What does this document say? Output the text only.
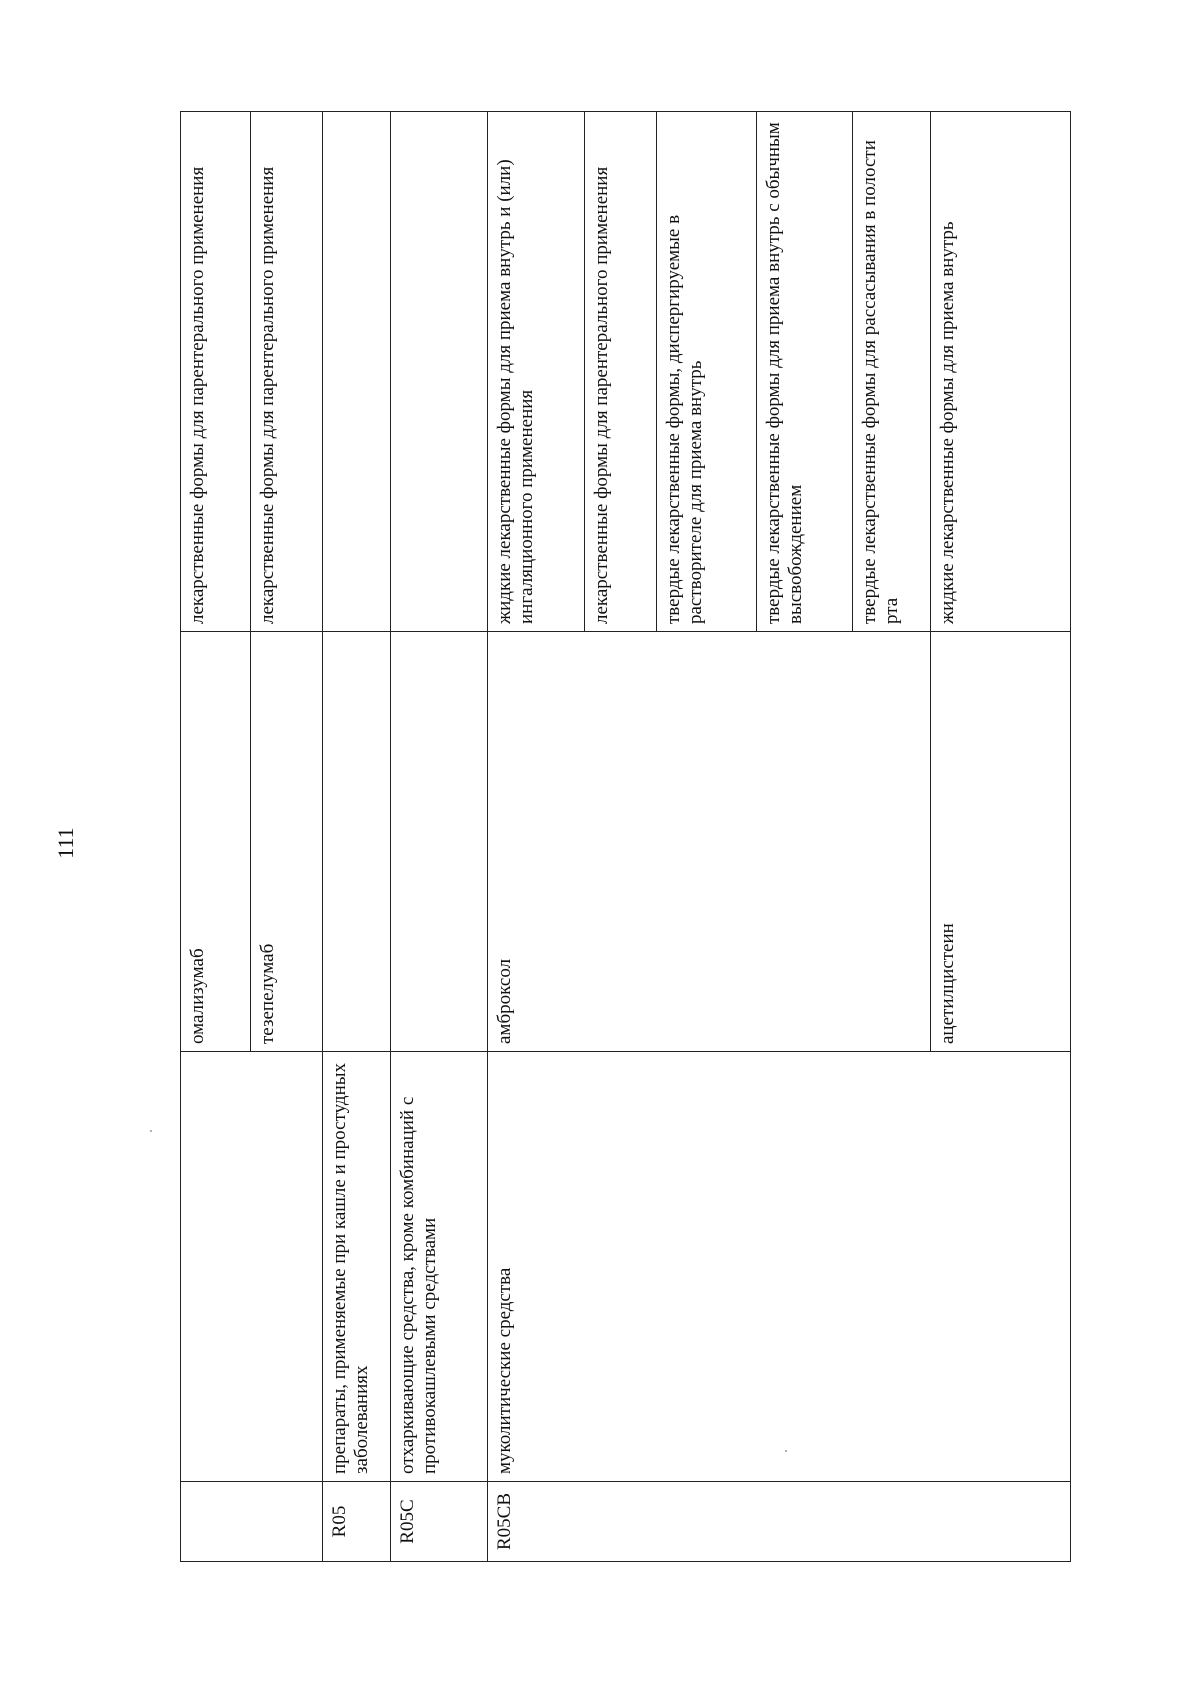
111

		омализумаб	лекарственные формы для парентерального применения

		тезепелумаб	лекарственные формы для парентерального применения

R05	препараты, применяемые при кашле и простудных заболеваниях		

R05C	отхаркивающие средства, кроме комбинаций с противокашлевыми средствами		

R05CB	муколитические средства	амброксол	жидкие лекарственные формы для приема внутрь и (или) ингаляционного применения

			лекарственные формы для парентерального применения

			твердые лекарственные формы, диспергируемые в растворителе для приема внутрь

			твердые лекарственные формы для приема внутрь с обычным высвобождением

			твердые лекарственные формы для рассасывания в полости рта

		ацетилцистеин	жидкие лекарственные формы для приема внутрь
